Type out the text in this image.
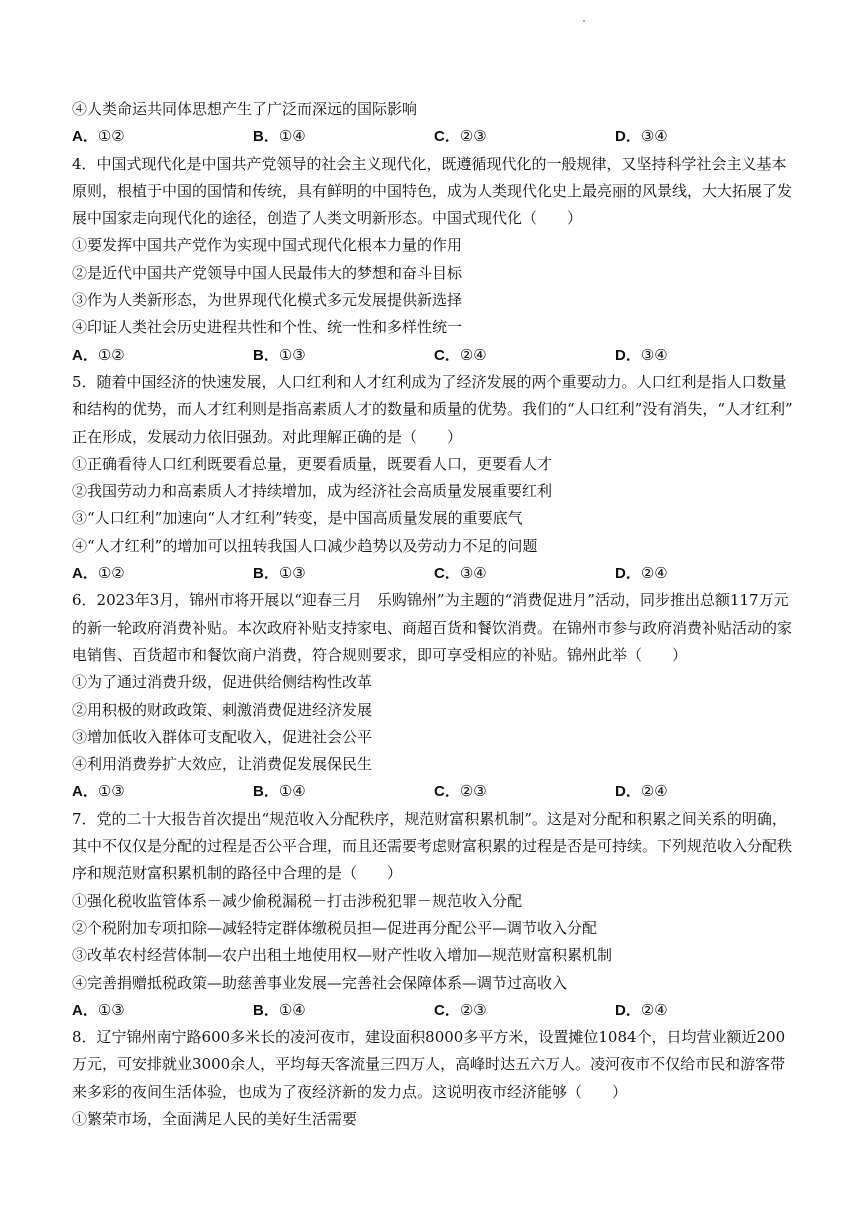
④人类命运共同体思想产生了广泛而深远的国际影响
A．①②	B．①④	C．②③	D．③④
4．中国式现代化是中国共产党领导的社会主义现代化，既遵循现代化的一般规律，又坚持科学社会主义基本
原则，根植于中国的国情和传统，具有鲜明的中国特色，成为人类现代化史上最亮丽的风景线，大大拓展了发
展中国家走向现代化的途径，创造了人类文明新形态。中国式现代化（　　）
①要发挥中国共产党作为实现中国式现代化根本力量的作用
②是近代中国共产党领导中国人民最伟大的梦想和奋斗目标
③作为人类新形态，为世界现代化模式多元发展提供新选择
④印证人类社会历史进程共性和个性、统一性和多样性统一
A．①②	B．①③	C．②④	D．③④
5．随着中国经济的快速发展，人口红利和人才红利成为了经济发展的两个重要动力。人口红利是指人口数量
和结构的优势，而人才红利则是指高素质人才的数量和质量的优势。我们的“人口红利”没有消失，“人才红利”
正在形成，发展动力依旧强劲。对此理解正确的是（　　）
①正确看待人口红利既要看总量，更要看质量，既要看人口，更要看人才
②我国劳动力和高素质人才持续增加，成为经济社会高质量发展重要红利
③“人口红利”加速向“人才红利”转变，是中国高质量发展的重要底气
④“人才红利”的增加可以扭转我国人口减少趋势以及劳动力不足的问题
A．①②	B．①③	C．③④	D．②④
6．2023年3月，锦州市将开展以“迎春三月　乐购锦州”为主题的“消费促进月”活动，同步推出总额117万元
的新一轮政府消费补贴。本次政府补贴支持家电、商超百货和餐饮消费。在锦州市参与政府消费补贴活动的家
电销售、百货超市和餐饮商户消费，符合规则要求，即可享受相应的补贴。锦州此举（　　）
①为了通过消费升级，促进供给侧结构性改革
②用积极的财政政策、刺激消费促进经济发展
③增加低收入群体可支配收入，促进社会公平
④利用消费券扩大效应，让消费促发展保民生
A．①③	B．①④	C．②③	D．②④
7．党的二十大报告首次提出“规范收入分配秩序，规范财富积累机制”。这是对分配和积累之间关系的明确，
其中不仅仅是分配的过程是否公平合理，而且还需要考虑财富积累的过程是否是可持续。下列规范收入分配秩
序和规范财富积累机制的路径中合理的是（　　）
①强化税收监管体系－减少偷税漏税－打击涉税犯罪－规范收入分配
②个税附加专项扣除—减轻特定群体缴税员担—促进再分配公平—调节收入分配
③改革农村经营体制—农户出租土地使用权—财产性收入增加—规范财富积累机制
④完善捐赠抵税政策—助慈善事业发展—完善社会保障体系—调节过高收入
A．①③	B．①④	C．②③	D．②④
8．辽宁锦州南宁路600多米长的凌河夜市，建设面积8000多平方米，设置摊位1084个，日均营业额近200
万元，可安排就业3000余人，平均每天客流量三四万人，高峰时达五六万人。凌河夜市不仅给市民和游客带
来多彩的夜间生活体验，也成为了夜经济新的发力点。这说明夜市经济能够（　　）
①繁荣市场，全面满足人民的美好生活需要
